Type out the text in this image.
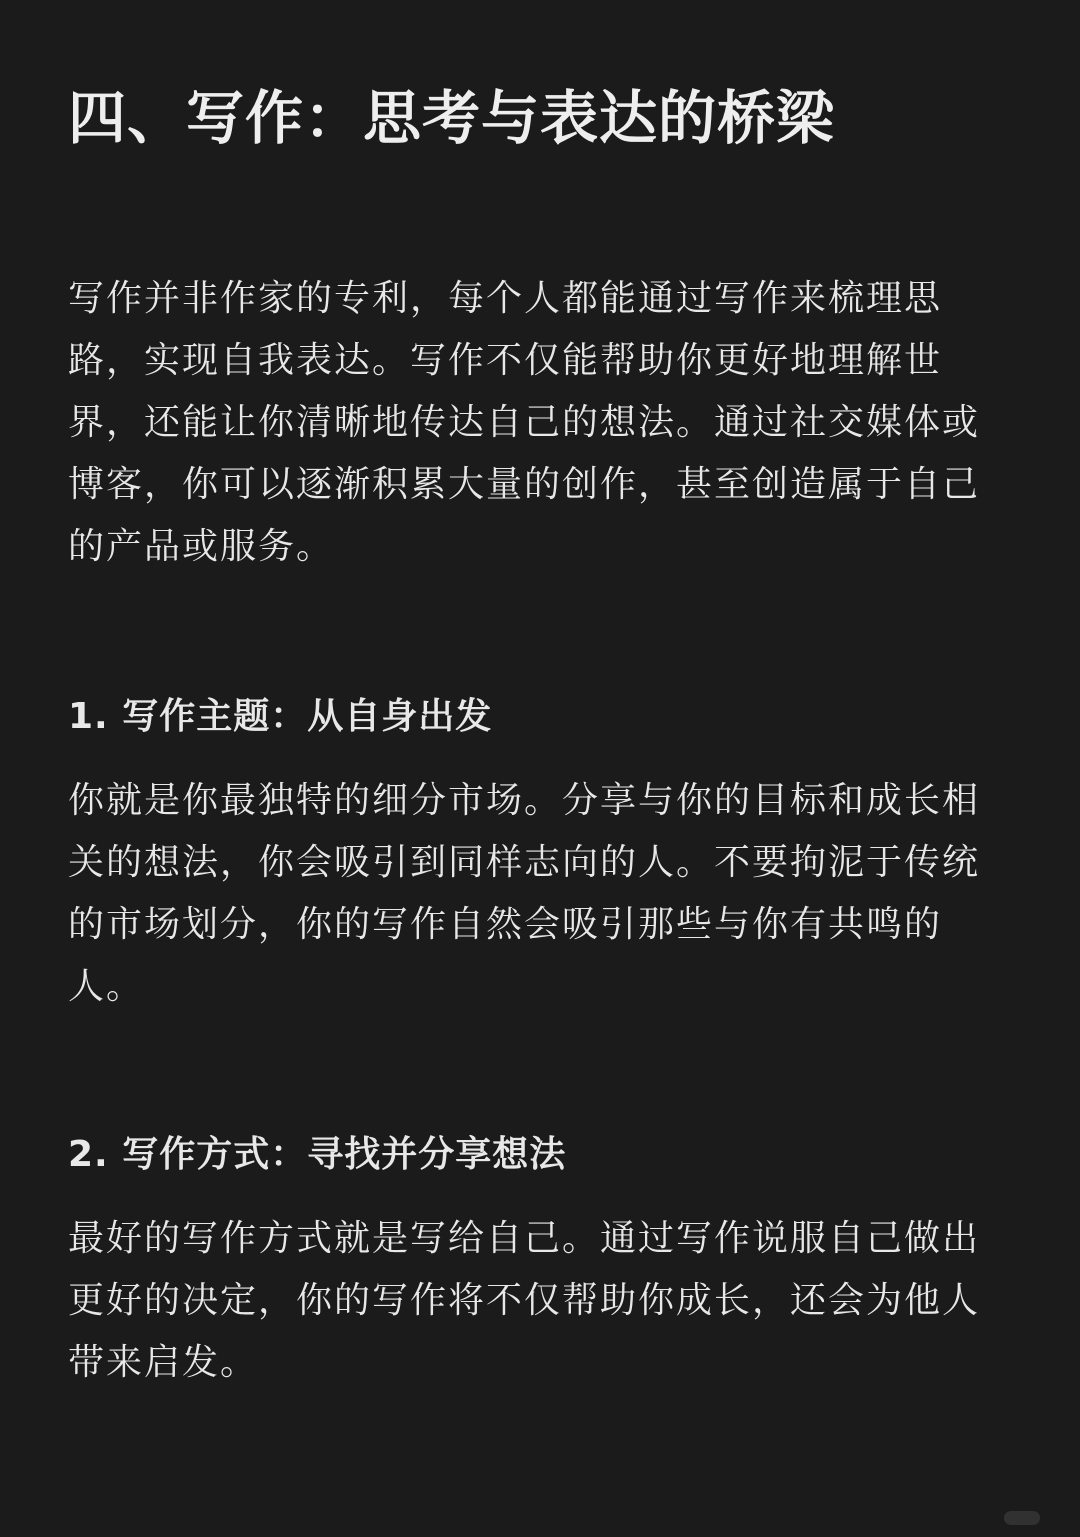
四、写作：思考与表达的桥梁
写作并非作家的专利，每个人都能通过写作来梳理思
路，实现自我表达。写作不仅能帮助你更好地理解世
界，还能让你清晰地传达自己的想法。通过社交媒体或
博客，你可以逐渐积累大量的创作，甚至创造属于自己
的产品或服务。
1. 写作主题：从自身出发
你就是你最独特的细分市场。分享与你的目标和成长相
关的想法，你会吸引到同样志向的人。不要拘泥于传统
的市场划分，你的写作自然会吸引那些与你有共鸣的
人。
2. 写作方式：寻找并分享想法
最好的写作方式就是写给自己。通过写作说服自己做出
更好的决定，你的写作将不仅帮助你成长，还会为他人
带来启发。
